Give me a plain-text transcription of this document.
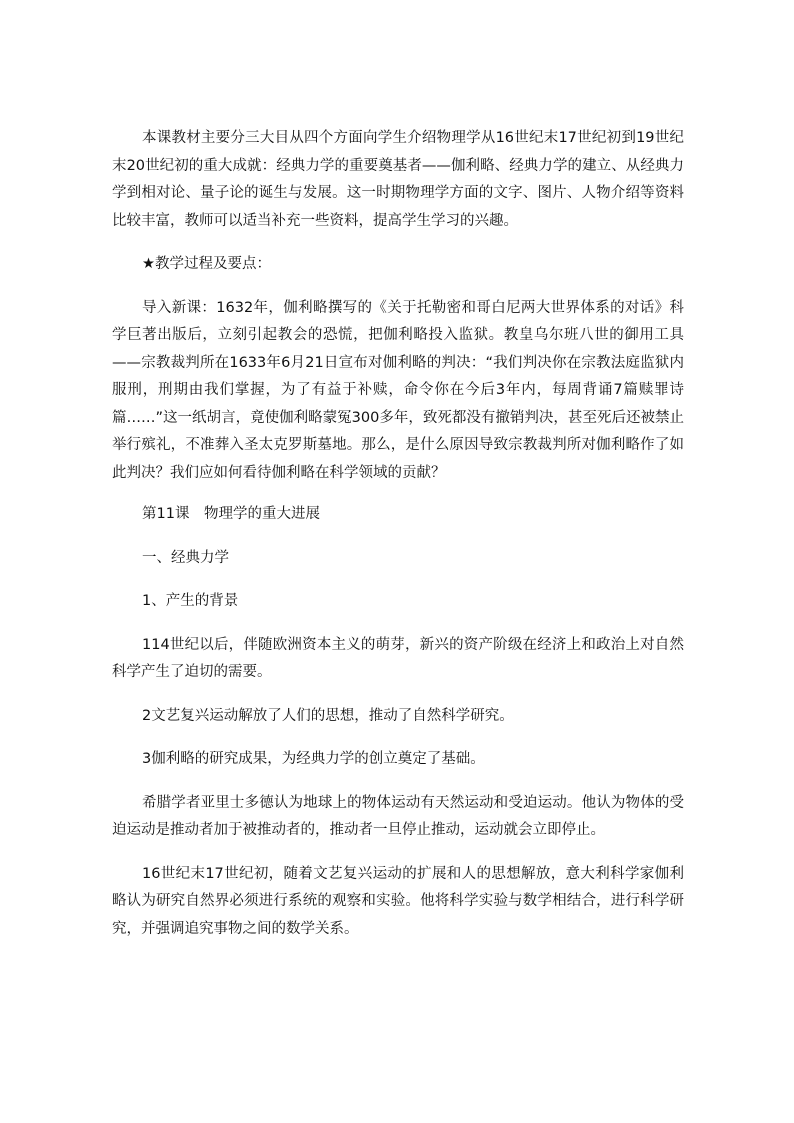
本课教材主要分三大目从四个方面向学生介绍物理学从16世纪末17世纪初到19世纪末20世纪初的重大成就：经典力学的重要奠基者——伽利略、经典力学的建立、从经典力学到相对论、量子论的诞生与发展。这一时期物理学方面的文字、图片、人物介绍等资料比较丰富，教师可以适当补充一些资料，提高学生学习的兴趣。

★教学过程及要点：

导入新课：1632年，伽利略撰写的《关于托勒密和哥白尼两大世界体系的对话》科学巨著出版后，立刻引起教会的恐慌，把伽利略投入监狱。教皇乌尔班八世的御用工具——宗教裁判所在1633年6月21日宣布对伽利略的判决：“我们判决你在宗教法庭监狱内服刑，刑期由我们掌握，为了有益于补赎，命令你在今后3年内，每周背诵7篇赎罪诗篇……”这一纸胡言，竟使伽利略蒙冤300多年，致死都没有撤销判决，甚至死后还被禁止举行殡礼，不准葬入圣太克罗斯墓地。那么，是什么原因导致宗教裁判所对伽利略作了如此判决？我们应如何看待伽利略在科学领域的贡献？

第11课　物理学的重大进展

一、经典力学

1、产生的背景

114世纪以后，伴随欧洲资本主义的萌芽，新兴的资产阶级在经济上和政治上对自然科学产生了迫切的需要。

2文艺复兴运动解放了人们的思想，推动了自然科学研究。

3伽利略的研究成果，为经典力学的创立奠定了基础。

希腊学者亚里士多德认为地球上的物体运动有天然运动和受迫运动。他认为物体的受迫运动是推动者加于被推动者的，推动者一旦停止推动，运动就会立即停止。

16世纪末17世纪初，随着文艺复兴运动的扩展和人的思想解放，意大利科学家伽利略认为研究自然界必须进行系统的观察和实验。他将科学实验与数学相结合，进行科学研究，并强调追究事物之间的数学关系。
